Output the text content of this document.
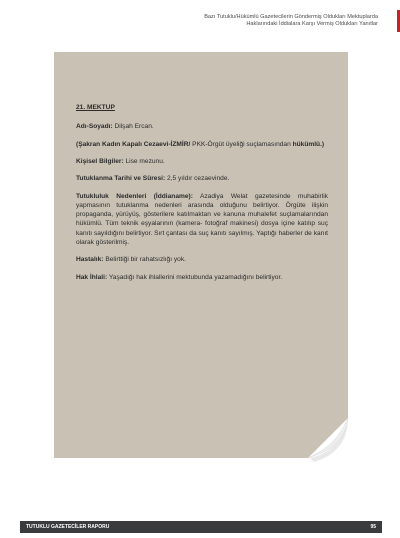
Bazı Tutuklu/Hükümlü Gazetecilerin Göndermiş Oldukları Mektuplarda
Haklarındaki İddialara Karşı Vermiş Oldukları Yanıtlar

21. MEKTUP

Adı-Soyadı: Dilşah Ercan.

(Şakran Kadın Kapalı Cezaevi-İZMİR/ PKK-Örgüt üyeliği suçlamasından hükümlü.)

Kişisel Bilgiler: Lise mezunu.

Tutuklanma Tarihi ve Süresi: 2,5 yıldır cezaevinde.

Tutukluluk Nedenleri (İddianame): Azadiya Welat gazetesinde muhabirlik yapmasının tutuklanma nedenleri arasında olduğunu belirtiyor. Örgüte ilişkin propaganda, yürüyüş, gösterilere katılmaktan ve kanuna muhalefet suçlamalarından hükümlü. Tüm teknik eşyalarının (kamera- fotoğraf makinesi) dosya içine katılıp suç kanıtı sayıldığını belirtiyor. Sırt çantası da suç kanıtı sayılmış. Yaptığı haberler de kanıt olarak gösterilmiş.

Hastalık: Belirttiği bir rahatsızlığı yok.

Hak İhlali: Yaşadığı hak ihlallerini mektubunda yazamadığını belirtiyor.

TUTUKLU GAZETECİLER RAPORU	95
